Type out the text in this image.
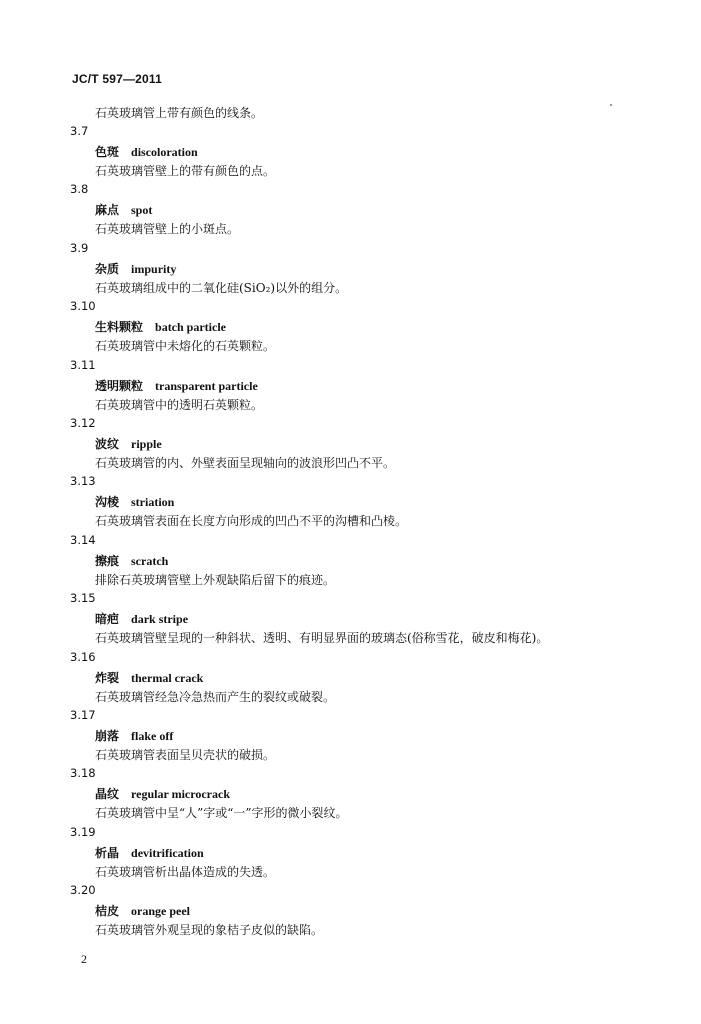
JC/T 597—2011
石英玻璃管上带有颜色的线条。
3.7
色斑 discoloration
石英玻璃管壁上的带有颜色的点。
3.8
麻点 spot
石英玻璃管壁上的小斑点。
3.9
杂质 impurity
石英玻璃组成中的二氧化硅(SiO₂)以外的组分。
3.10
生料颗粒 batch particle
石英玻璃管中未熔化的石英颗粒。
3.11
透明颗粒 transparent particle
石英玻璃管中的透明石英颗粒。
3.12
波纹 ripple
石英玻璃管的内、外壁表面呈现轴向的波浪形凹凸不平。
3.13
沟棱 striation
石英玻璃管表面在长度方向形成的凹凸不平的沟槽和凸棱。
3.14
擦痕 scratch
排除石英玻璃管壁上外观缺陷后留下的痕迹。
3.15
暗疤 dark stripe
石英玻璃管壁呈现的一种斜状、透明、有明显界面的玻璃态(俗称雪花，破皮和梅花)。
3.16
炸裂 thermal crack
石英玻璃管经急冷急热而产生的裂纹或破裂。
3.17
崩落 flake off
石英玻璃管表面呈贝壳状的破损。
3.18
晶纹 regular microcrack
石英玻璃管中呈“人”字或“一”字形的微小裂纹。
3.19
析晶 devitrification
石英玻璃管析出晶体造成的失透。
3.20
桔皮 orange peel
石英玻璃管外观呈现的象桔子皮似的缺陷。
2
